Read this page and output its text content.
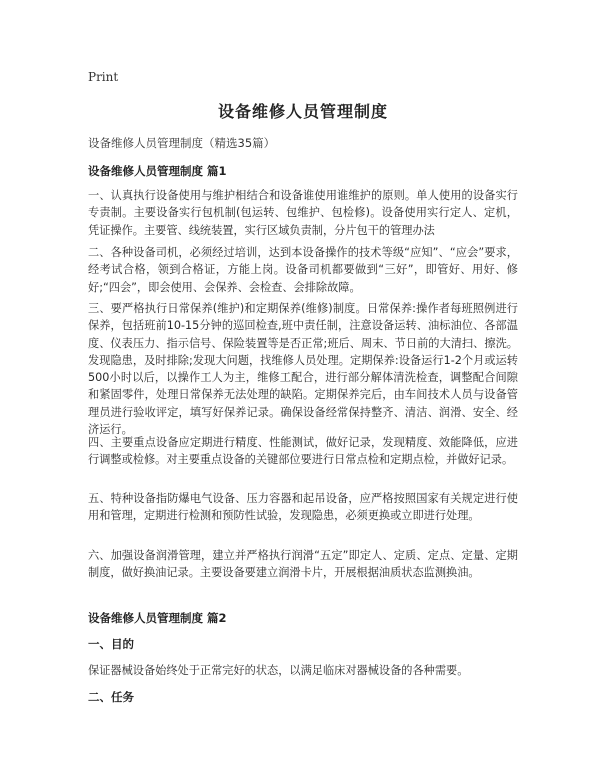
Print
设备维修人员管理制度
设备维修人员管理制度（精选35篇）
设备维修人员管理制度 篇1
一、认真执行设备使用与维护相结合和设备谁使用谁维护的原则。单人使用的设备实行专责制。主要设备实行包机制(包运转、包维护、包检修)。设备使用实行定人、定机，凭证操作。主要管、线统装置，实行区域负责制，分片包干的管理办法
二、各种设备司机，必须经过培训，达到本设备操作的技术等级“应知”、“应会”要求，经考试合格，领到合格证，方能上岗。设备司机都要做到“三好”，即管好、用好、修好;“四会”，即会使用、会保养、会检查、会排除故障。
三、要严格执行日常保养(维护)和定期保养(维修)制度。日常保养:操作者每班照例进行保养，包括班前10-15分钟的巡回检查,班中责任制，注意设备运转、油标油位、各部温度、仪表压力、指示信号、保险装置等是否正常;班后、周末、节日前的大清扫、擦洗。发现隐患，及时排除;发现大问题，找维修人员处理。定期保养:设备运行1-2个月或运转500小时以后，以操作工人为主，维修工配合，进行部分解体清洗检查，调整配合间隙和紧固零件，处理日常保养无法处理的缺陷。定期保养完后，由车间技术人员与设备管理员进行验收评定，填写好保养记录。确保设备经常保持整齐、清洁、润滑、安全、经济运行。
四、主要重点设备应定期进行精度、性能测试，做好记录，发现精度、效能降低，应进行调整或检修。对主要重点设备的关键部位要进行日常点检和定期点检，并做好记录。
五、特种设备指防爆电气设备、压力容器和起吊设备，应严格按照国家有关规定进行使用和管理，定期进行检测和预防性试验，发现隐患，必须更换或立即进行处理。
六、加强设备润滑管理，建立并严格执行润滑“五定”即定人、定质、定点、定量、定期制度，做好换油记录。主要设备要建立润滑卡片，开展根据油质状态监测换油。
设备维修人员管理制度 篇2
一、目的
保证器械设备始终处于正常完好的状态，以满足临床对器械设备的各种需要。
二、任务
